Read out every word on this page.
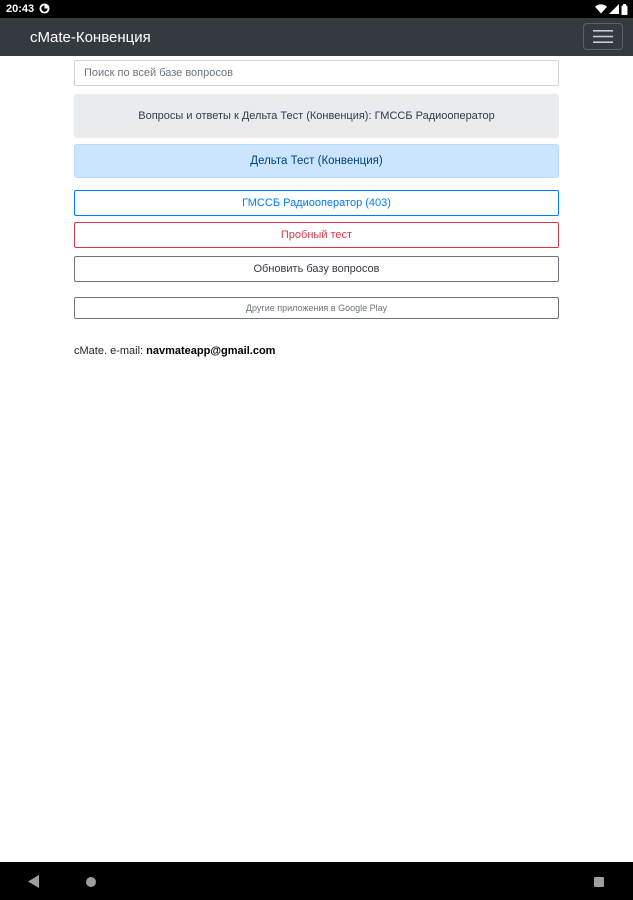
20:43
cMate-Конвенция
Поиск по всей базе вопросов
Вопросы и ответы к Дельта Тест (Конвенция): ГМССБ Радиооператор
Дельта Тест (Конвенция)
ГМССБ Радиооператор (403)
Пробный тест
Обновить базу вопросов
Другие приложения в Google Play
cMate. e-mail: navmateapp@gmail.com
